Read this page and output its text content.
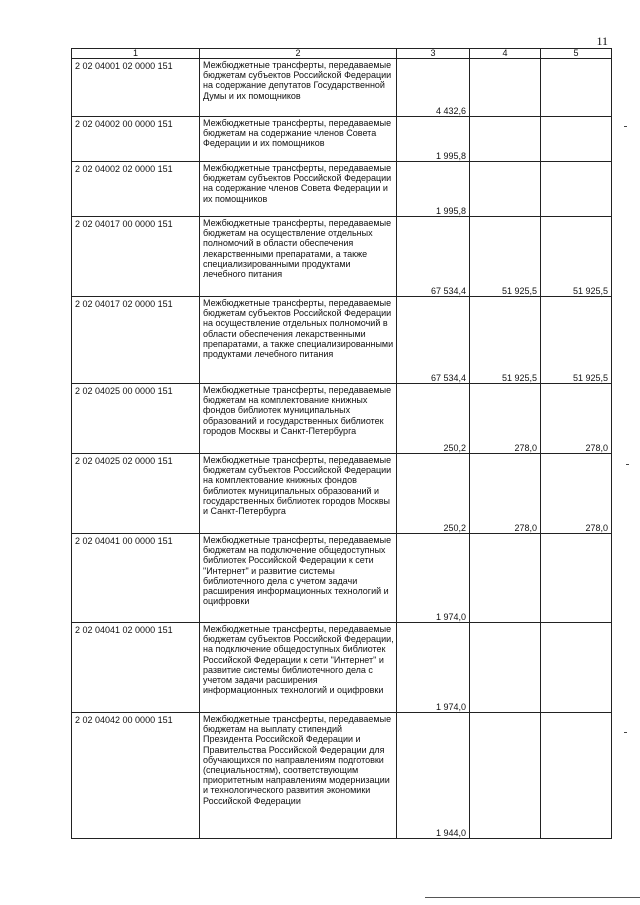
11
1	2	3	4	5
2 02 04001 02 0000 151	Межбюджетные трансферты, передаваемые бюджетам субъектов Российской Федерации на содержание депутатов Государственной Думы и их помощников	4 432,6		
2 02 04002 00 0000 151	Межбюджетные трансферты, передаваемые бюджетам на содержание членов Совета Федерации и их помощников	1 995,8		
2 02 04002 02 0000 151	Межбюджетные трансферты, передаваемые бюджетам субъектов Российской Федерации на содержание членов Совета Федерации и их помощников	1 995,8		
2 02 04017 00 0000 151	Межбюджетные трансферты, передаваемые бюджетам на осуществление отдельных полномочий в области обеспечения лекарственными препаратами, а также специализированными продуктами лечебного питания	67 534,4	51 925,5	51 925,5
2 02 04017 02 0000 151	Межбюджетные трансферты, передаваемые бюджетам субъектов Российской Федерации на осуществление отдельных полномочий в области обеспечения лекарственными препаратами, а также специализированными продуктами лечебного питания	67 534,4	51 925,5	51 925,5
2 02 04025 00 0000 151	Межбюджетные трансферты, передаваемые бюджетам на комплектование книжных фондов библиотек муниципальных образований и государственных библиотек городов Москвы и Санкт-Петербурга	250,2	278,0	278,0
2 02 04025 02 0000 151	Межбюджетные трансферты, передаваемые бюджетам субъектов Российской Федерации на комплектование книжных фондов библиотек муниципальных образований и государственных библиотек городов Москвы и Санкт-Петербурга	250,2	278,0	278,0
2 02 04041 00 0000 151	Межбюджетные трансферты, передаваемые бюджетам на подключение общедоступных библиотек Российской Федерации к сети "Интернет" и развитие системы библиотечного дела с учетом задачи расширения информационных технологий и оцифровки	1 974,0		
2 02 04041 02 0000 151	Межбюджетные трансферты, передаваемые бюджетам субъектов Российской Федерации, на подключение общедоступных библиотек Российской Федерации к сети "Интернет" и развитие системы библиотечного дела с учетом задачи расширения информационных технологий и оцифровки	1 974,0		
2 02 04042 00 0000 151	Межбюджетные трансферты, передаваемые бюджетам на выплату стипендий Президента Российской Федерации и Правительства Российской Федерации для обучающихся по направлениям подготовки (специальностям), соответствующим приоритетным направлениям модернизации и технологического развития экономики Российской Федерации	1 944,0		
